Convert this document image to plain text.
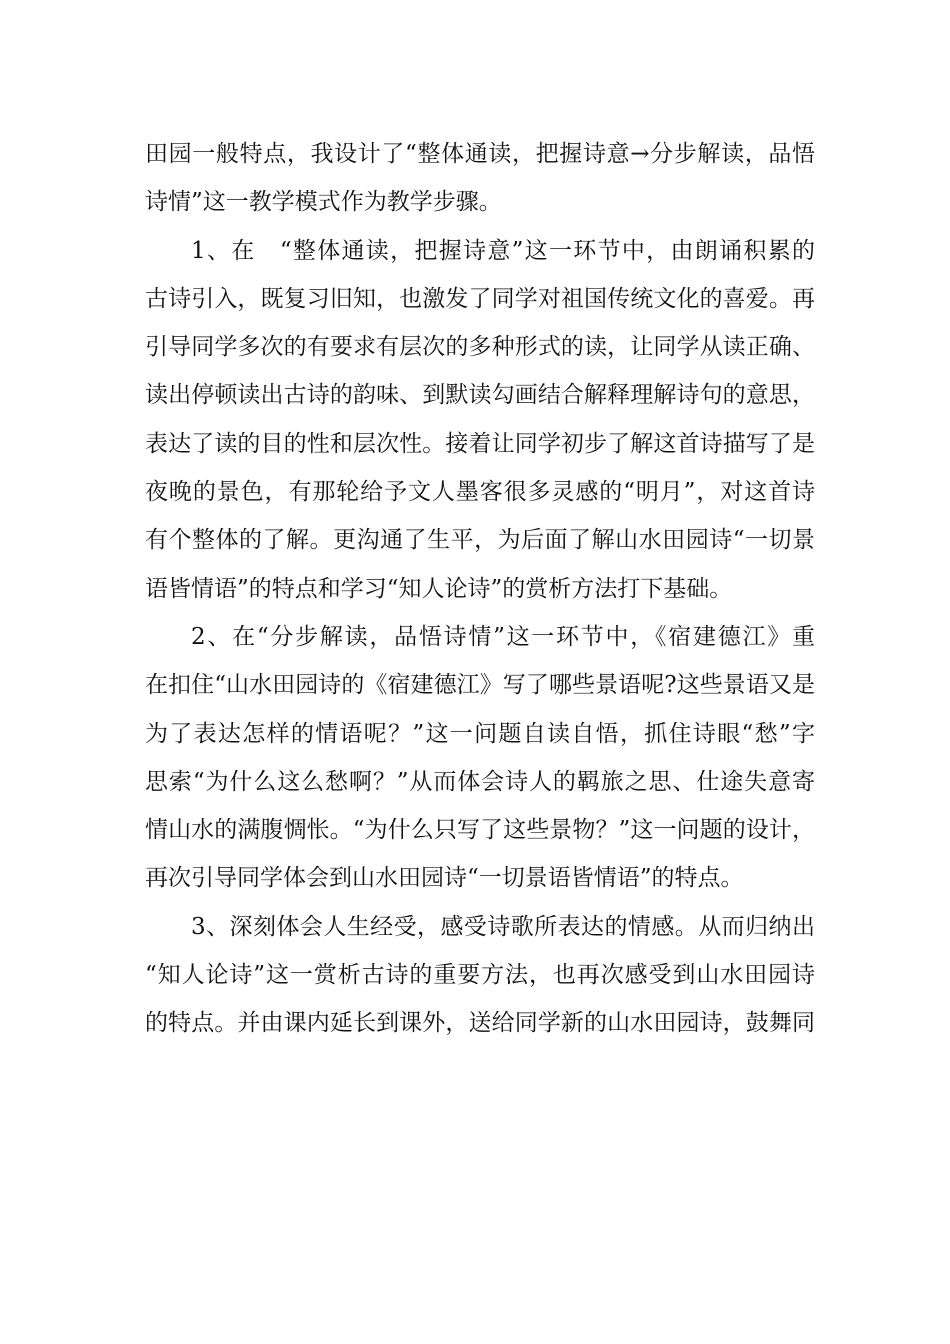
田园一般特点，我设计了“整体通读，把握诗意→分步解读，品悟
诗情”这一教学模式作为教学步骤。
1、在　“整体通读，把握诗意”这一环节中，由朗诵积累的
古诗引入，既复习旧知，也激发了同学对祖国传统文化的喜爱。再
引导同学多次的有要求有层次的多种形式的读，让同学从读正确、
读出停顿读出古诗的韵味、到默读勾画结合解释理解诗句的意思，
表达了读的目的性和层次性。接着让同学初步了解这首诗描写了是
夜晚的景色，有那轮给予文人墨客很多灵感的“明月”，对这首诗
有个整体的了解。更沟通了生平，为后面了解山水田园诗“一切景
语皆情语”的特点和学习“知人论诗”的赏析方法打下基础。
2、在“分步解读，品悟诗情”这一环节中，《宿建德江》重
在扣住“山水田园诗的《宿建德江》写了哪些景语呢?这些景语又是
为了表达怎样的情语呢？”这一问题自读自悟，抓住诗眼“愁”字
思索“为什么这么愁啊？”从而体会诗人的羁旅之思、仕途失意寄
情山水的满腹惆怅。“为什么只写了这些景物？”这一问题的设计，
再次引导同学体会到山水田园诗“一切景语皆情语”的特点。
3、深刻体会人生经受，感受诗歌所表达的情感。从而归纳出
“知人论诗”这一赏析古诗的重要方法，也再次感受到山水田园诗
的特点。并由课内延长到课外，送给同学新的山水田园诗，鼓舞同
